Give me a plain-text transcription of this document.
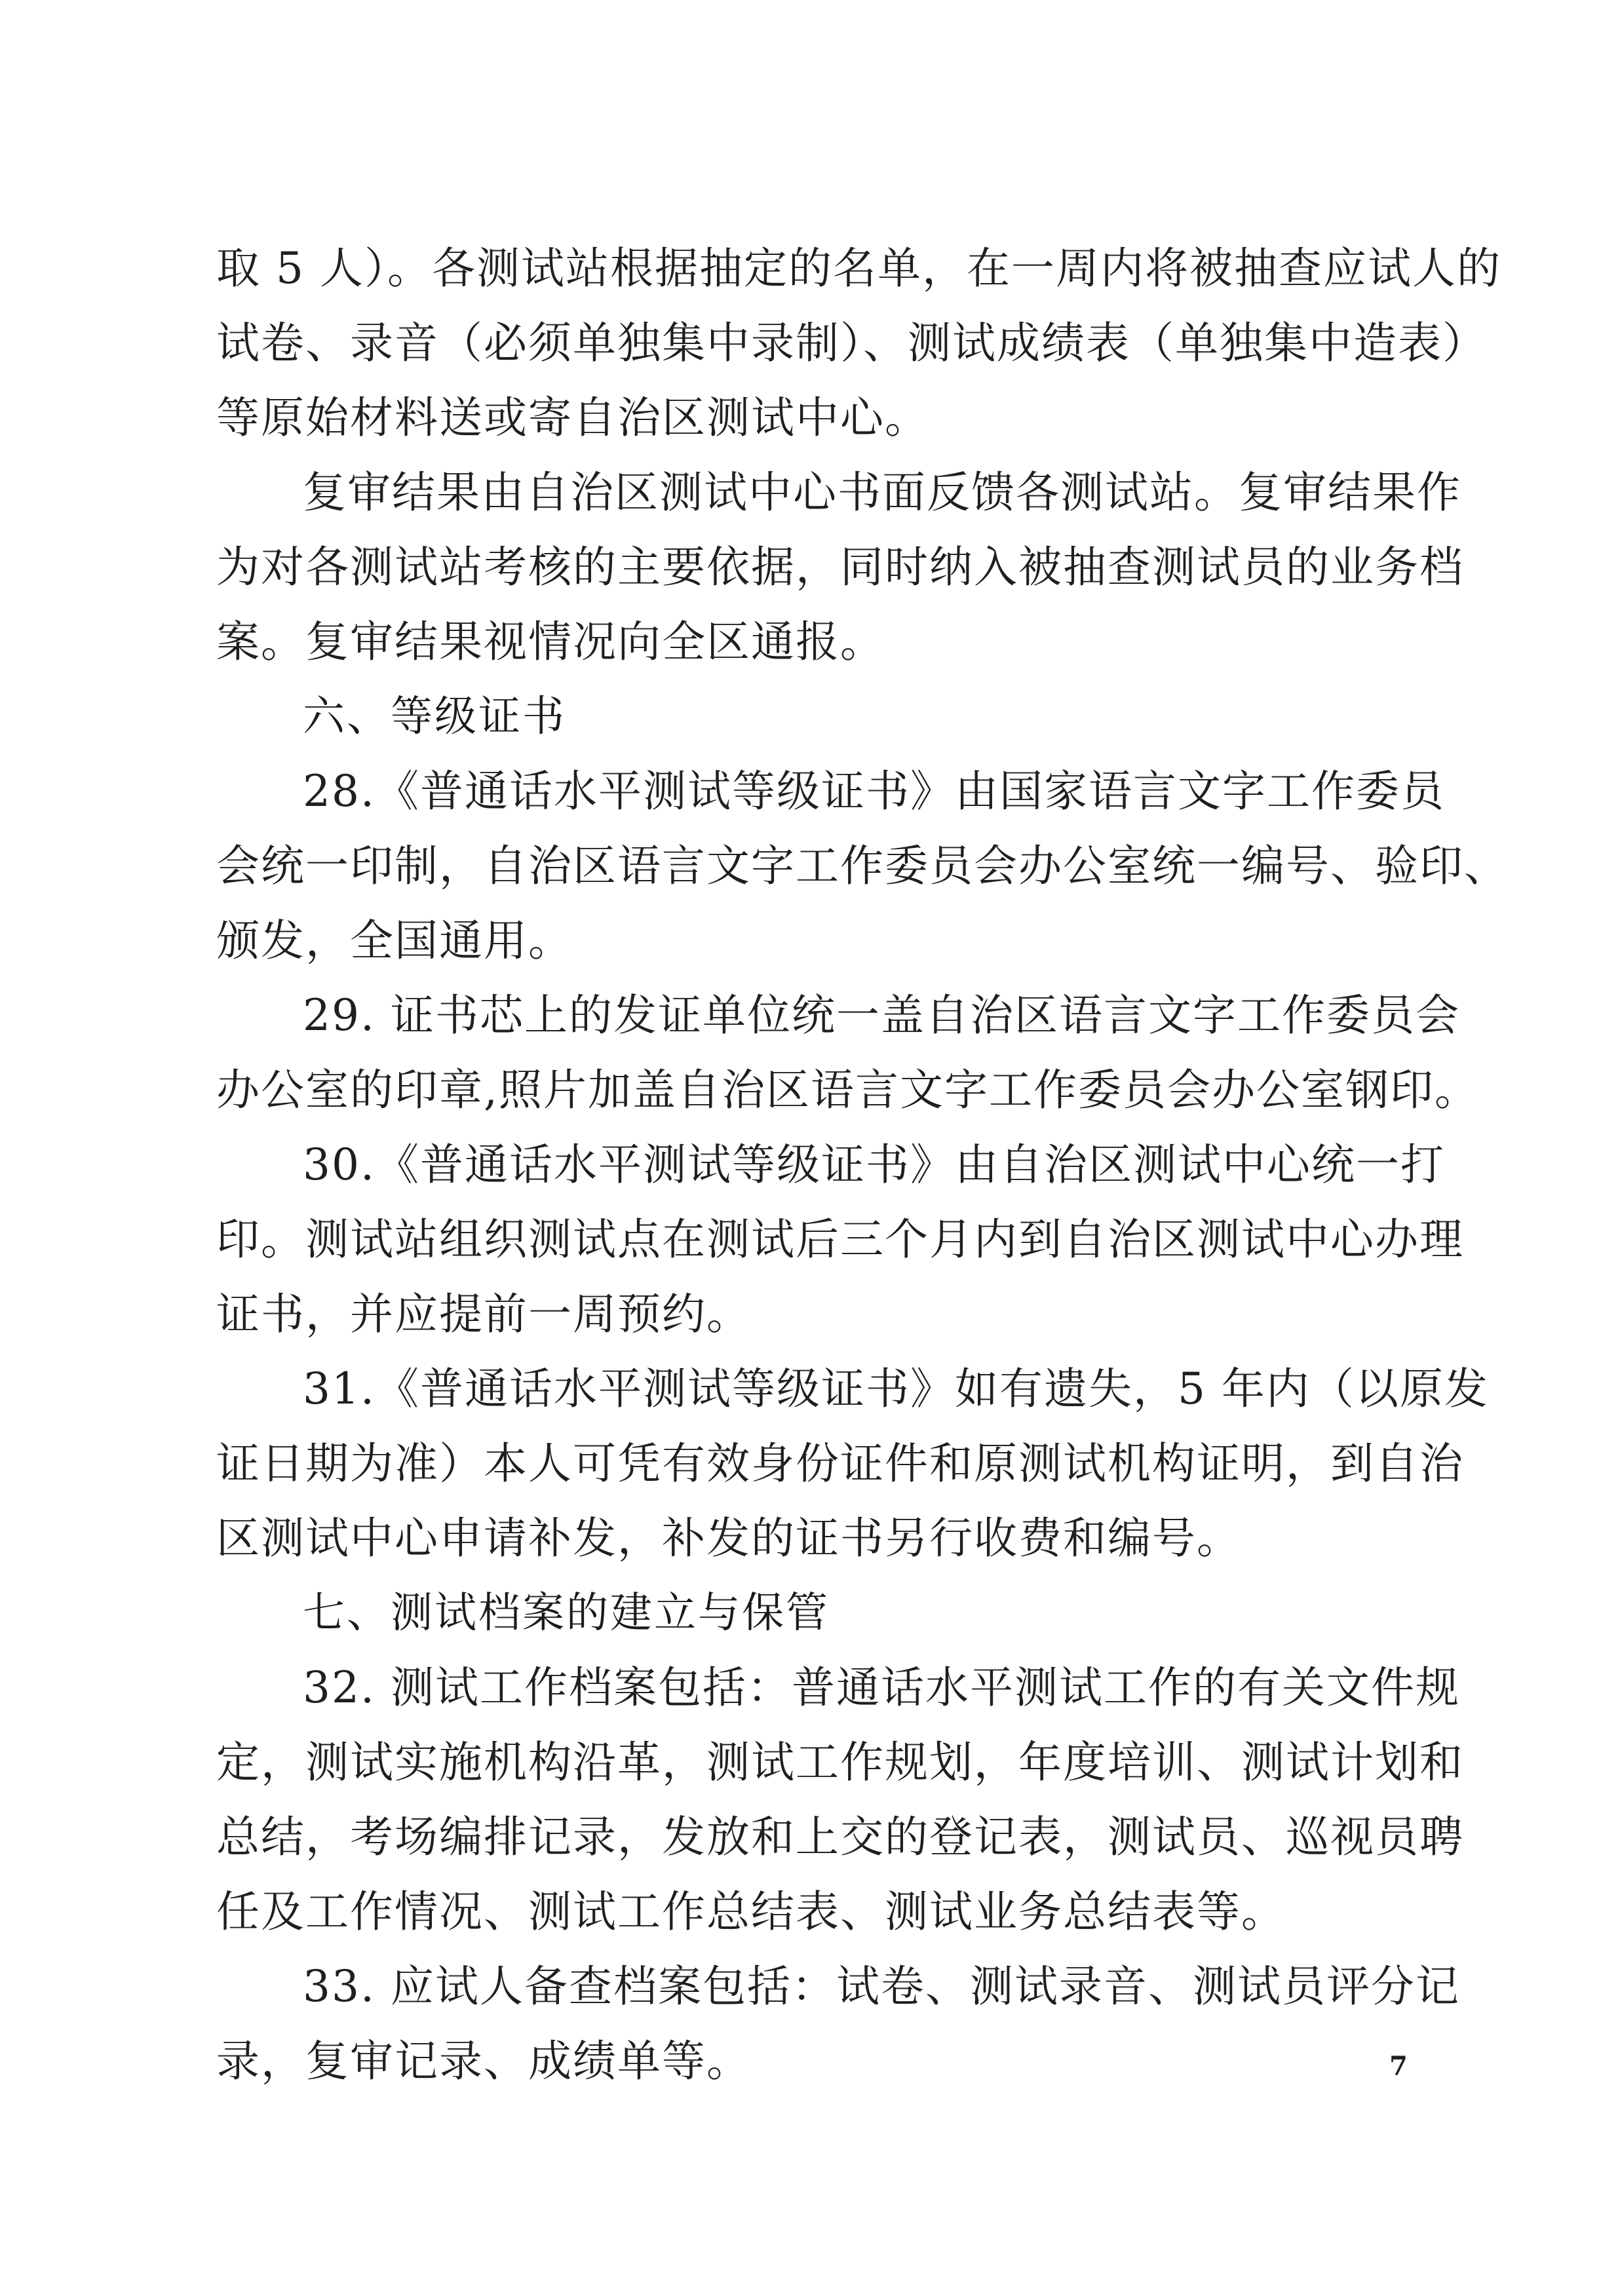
取 5 人）。各测试站根据抽定的名单，在一周内将被抽查应试人的
试卷、录音（必须单独集中录制）、测试成绩表（单独集中造表）
等原始材料送或寄自治区测试中心。
复审结果由自治区测试中心书面反馈各测试站。复审结果作
为对各测试站考核的主要依据，同时纳入被抽查测试员的业务档
案。复审结果视情况向全区通报。
六、等级证书
28.《普通话水平测试等级证书》由国家语言文字工作委员
会统一印制，自治区语言文字工作委员会办公室统一编号、验印、
颁发，全国通用。
29. 证书芯上的发证单位统一盖自治区语言文字工作委员会
办公室的印章,照片加盖自治区语言文字工作委员会办公室钢印。
30.《普通话水平测试等级证书》由自治区测试中心统一打
印。测试站组织测试点在测试后三个月内到自治区测试中心办理
证书，并应提前一周预约。
31.《普通话水平测试等级证书》如有遗失，5 年内（以原发
证日期为准）本人可凭有效身份证件和原测试机构证明，到自治
区测试中心申请补发，补发的证书另行收费和编号。
七、测试档案的建立与保管
32. 测试工作档案包括：普通话水平测试工作的有关文件规
定，测试实施机构沿革，测试工作规划，年度培训、测试计划和
总结，考场编排记录，发放和上交的登记表，测试员、巡视员聘
任及工作情况、测试工作总结表、测试业务总结表等。
33. 应试人备查档案包括：试卷、测试录音、测试员评分记
录，复审记录、成绩单等。	7
